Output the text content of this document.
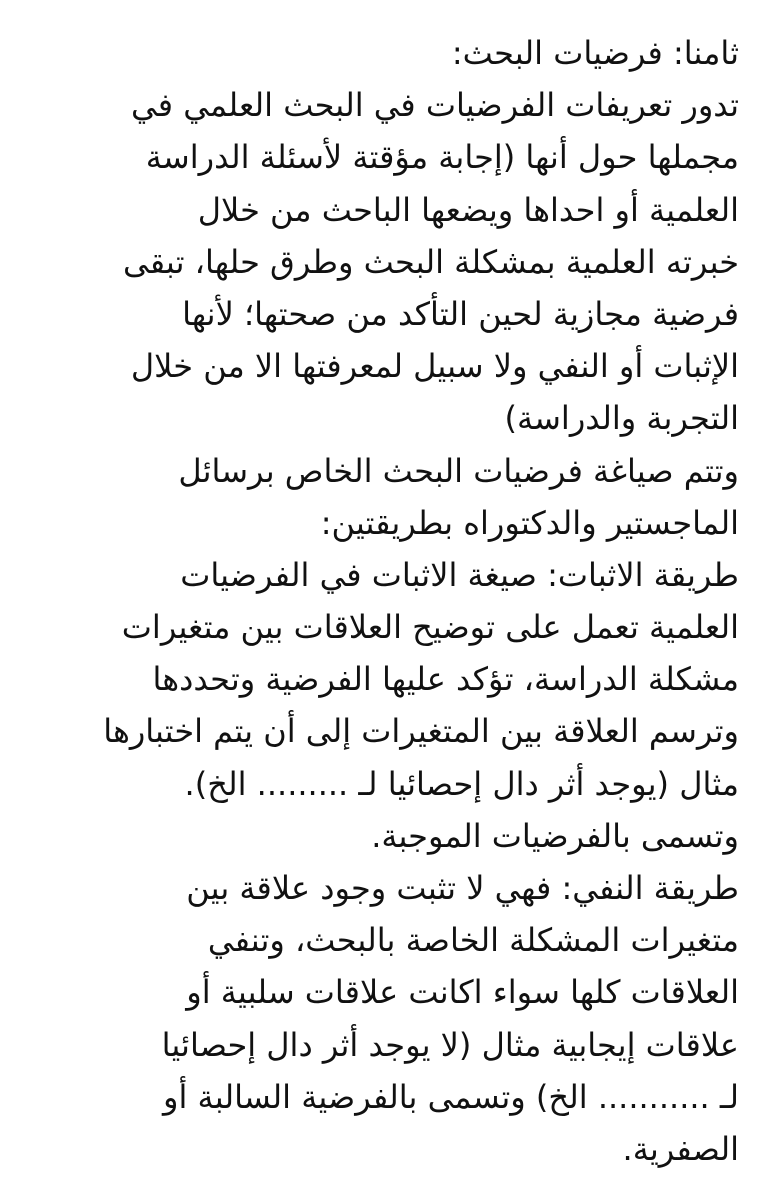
ثامنا: فرضيات البحث:
تدور تعريفات الفرضيات في البحث العلمي في
مجملها حول أنها (إجابة مؤقتة لأسئلة الدراسة
العلمية أو احداها ويضعها الباحث من خلال
خبرته العلمية بمشكلة البحث وطرق حلها، تبقى
فرضية مجازية لحين التأكد من صحتها؛ لأنها
الإثبات أو النفي ولا سبيل لمعرفتها الا من خلال
التجربة والدراسة)
وتتم صياغة فرضيات البحث الخاص برسائل
الماجستير والدكتوراه بطريقتين:
طريقة الاثبات: صيغة الاثبات في الفرضيات
العلمية تعمل على توضيح العلاقات بين متغيرات
مشكلة الدراسة، تؤكد عليها الفرضية وتحددها
وترسم العلاقة بين المتغيرات إلى أن يتم اختبارها
مثال (يوجد أثر دال إحصائيا لـ ......... الخ).
وتسمى بالفرضيات الموجبة.
طريقة النفي: فهي لا تثبت وجود علاقة بين
متغيرات المشكلة الخاصة بالبحث، وتنفي
العلاقات كلها سواء اكانت علاقات سلبية أو
علاقات إيجابية مثال (لا يوجد أثر دال إحصائيا
لـ ........... الخ) وتسمى بالفرضية السالبة أو
الصفرية.
